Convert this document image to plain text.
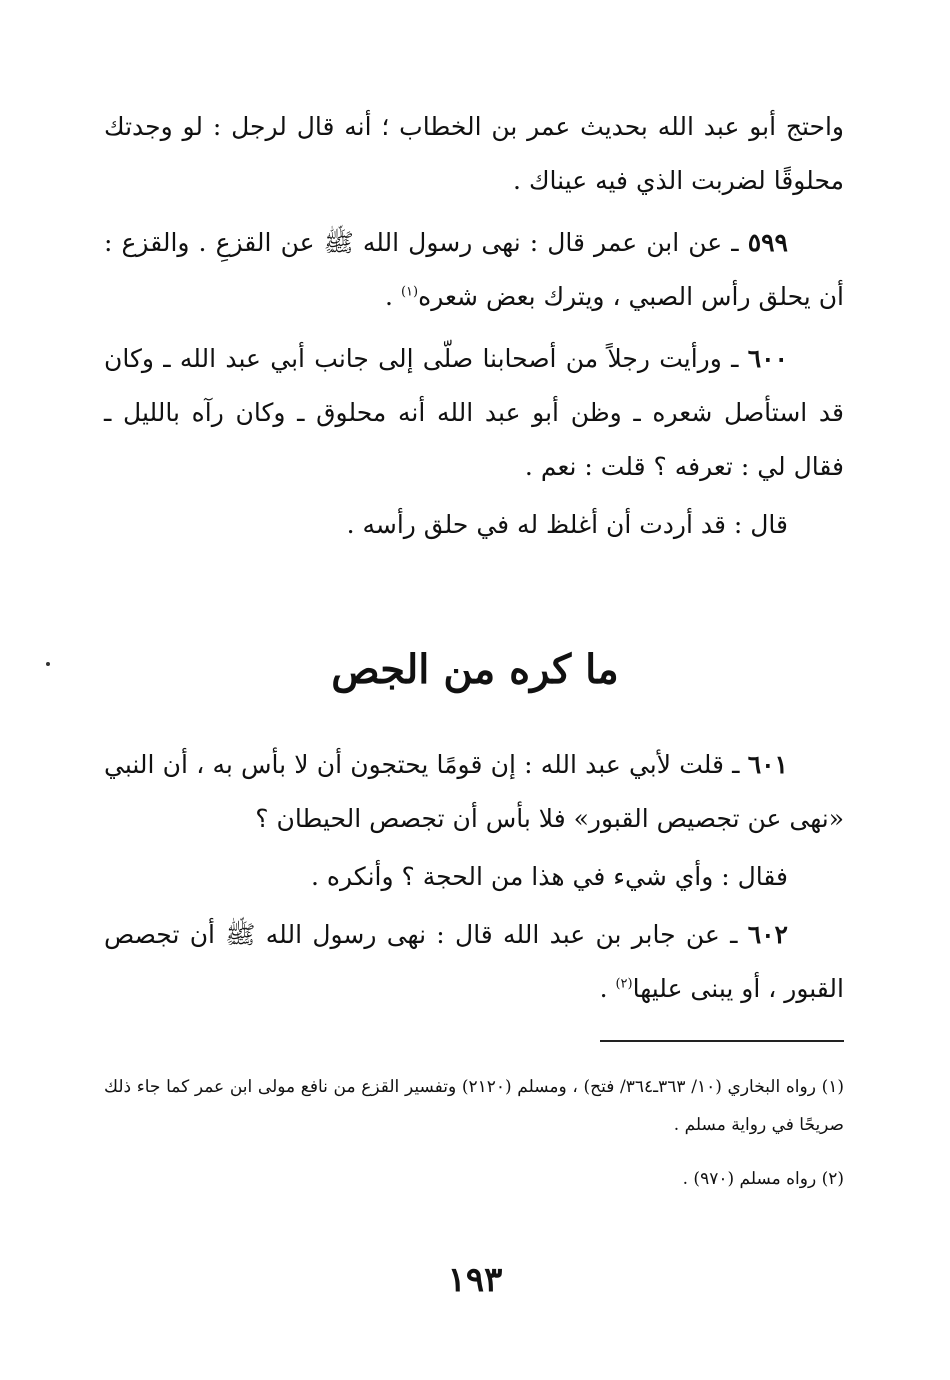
واحتج أبو عبد الله بحديث عمر بن الخطاب ؛ أنه قال لرجل : لو وجدتك محلوقًا لضربت الذي فيه عيناك .

٥٩٩ ـ عن ابن عمر قال : نهى رسول الله ﷺ عن القزعِ . والقزع : أن يحلق رأس الصبي ، ويترك بعض شعره$^{(١)}$ .

٦٠٠ ـ ورأيت رجلاً من أصحابنا صلّى إلى جانب أبي عبد الله ـ وكان قد استأصل شعره ـ وظن أبو عبد الله أنه محلوق ـ وكان رآه بالليل ـ فقال لي : تعرفه ؟ قلت : نعم .

قال : قد أردت أن أغلظ له في حلق رأسه .

ما كره من الجص

٦٠١ ـ قلت لأبي عبد الله : إن قومًا يحتجون أن لا بأس به ، أن النبي «نهى عن تجصيص القبور» فلا بأس أن تجصص الحيطان ؟

فقال : وأي شيء في هذا من الحجة ؟ وأنكره .

٦٠٢ ـ عن جابر بن عبد الله قال : نهى رسول الله ﷺ أن تجصص القبور ، أو يبنى عليها$^{(٢)}$ .

(١) رواه البخاري (١٠/ ٣٦٣ـ٣٦٤/ فتح) ، ومسلم (٢١٢٠) وتفسير القزع من نافع مولى ابن عمر كما جاء ذلك صريحًا في رواية مسلم .

(٢) رواه مسلم (٩٧٠) .

١٩٣
